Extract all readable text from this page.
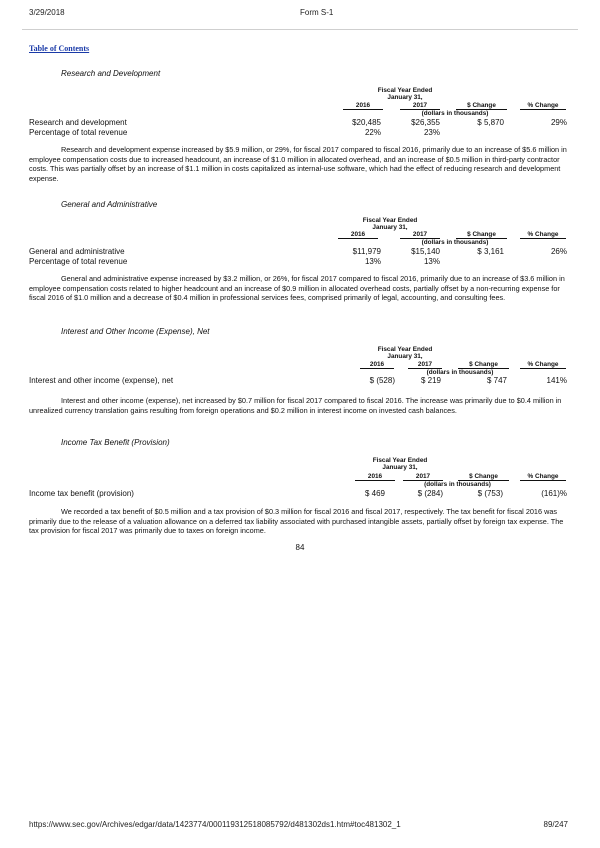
3/29/2018	Form S-1
Table of Contents
Research and Development
Fiscal Year Ended
January 31,
2016	2017	$ Change	% Change
(dollars in thousands)
Research and development	$20,485	$26,355	$ 5,870	29%
Percentage of total revenue	22%	23%
Research and development expense increased by $5.9 million, or 29%, for fiscal 2017 compared to fiscal 2016, primarily due to an increase of $5.6 million in employee compensation costs due to increased headcount, an increase of $1.0 million in allocated overhead, and an increase of $0.5 million in third-party contractor costs. This was partially offset by an increase of $1.1 million in costs capitalized as internal-use software, which had the effect of reducing research and development expense.
General and Administrative
Fiscal Year Ended
January 31,
2016	2017	$ Change	% Change
(dollars in thousands)
General and administrative	$11,979	$15,140	$ 3,161	26%
Percentage of total revenue	13%	13%
General and administrative expense increased by $3.2 million, or 26%, for fiscal 2017 compared to fiscal 2016, primarily due to an increase of $3.6 million in employee compensation costs related to higher headcount and an increase of $0.9 million in allocated overhead costs, partially offset by a non-recurring expense for fiscal 2016 of $1.0 million and a decrease of $0.4 million in professional services fees, comprised primarily of legal, accounting, and consulting fees.
Interest and Other Income (Expense), Net
Fiscal Year Ended
January 31,
2016	2017	$ Change	% Change
(dollars in thousands)
Interest and other income (expense), net	$ (528)	$ 219	$ 747	141%
Interest and other income (expense), net increased by $0.7 million for fiscal 2017 compared to fiscal 2016. The increase was primarily due to $0.4 million in unrealized currency translation gains resulting from foreign operations and $0.2 million in interest income on invested cash balances.
Income Tax Benefit (Provision)
Fiscal Year Ended
January 31,
2016	2017	$ Change	% Change
(dollars in thousands)
Income tax benefit (provision)	$ 469	$ (284)	$ (753)	(161)%
We recorded a tax benefit of $0.5 million and a tax provision of $0.3 million for fiscal 2016 and fiscal 2017, respectively. The tax benefit for fiscal 2016 was primarily due to the release of a valuation allowance on a deferred tax liability associated with purchased intangible assets, partially offset by foreign tax expense. The tax provision for fiscal 2017 was primarily due to taxes on foreign income.
84
https://www.sec.gov/Archives/edgar/data/1423774/000119312518085792/d481302ds1.htm#toc481302_1	89/247
